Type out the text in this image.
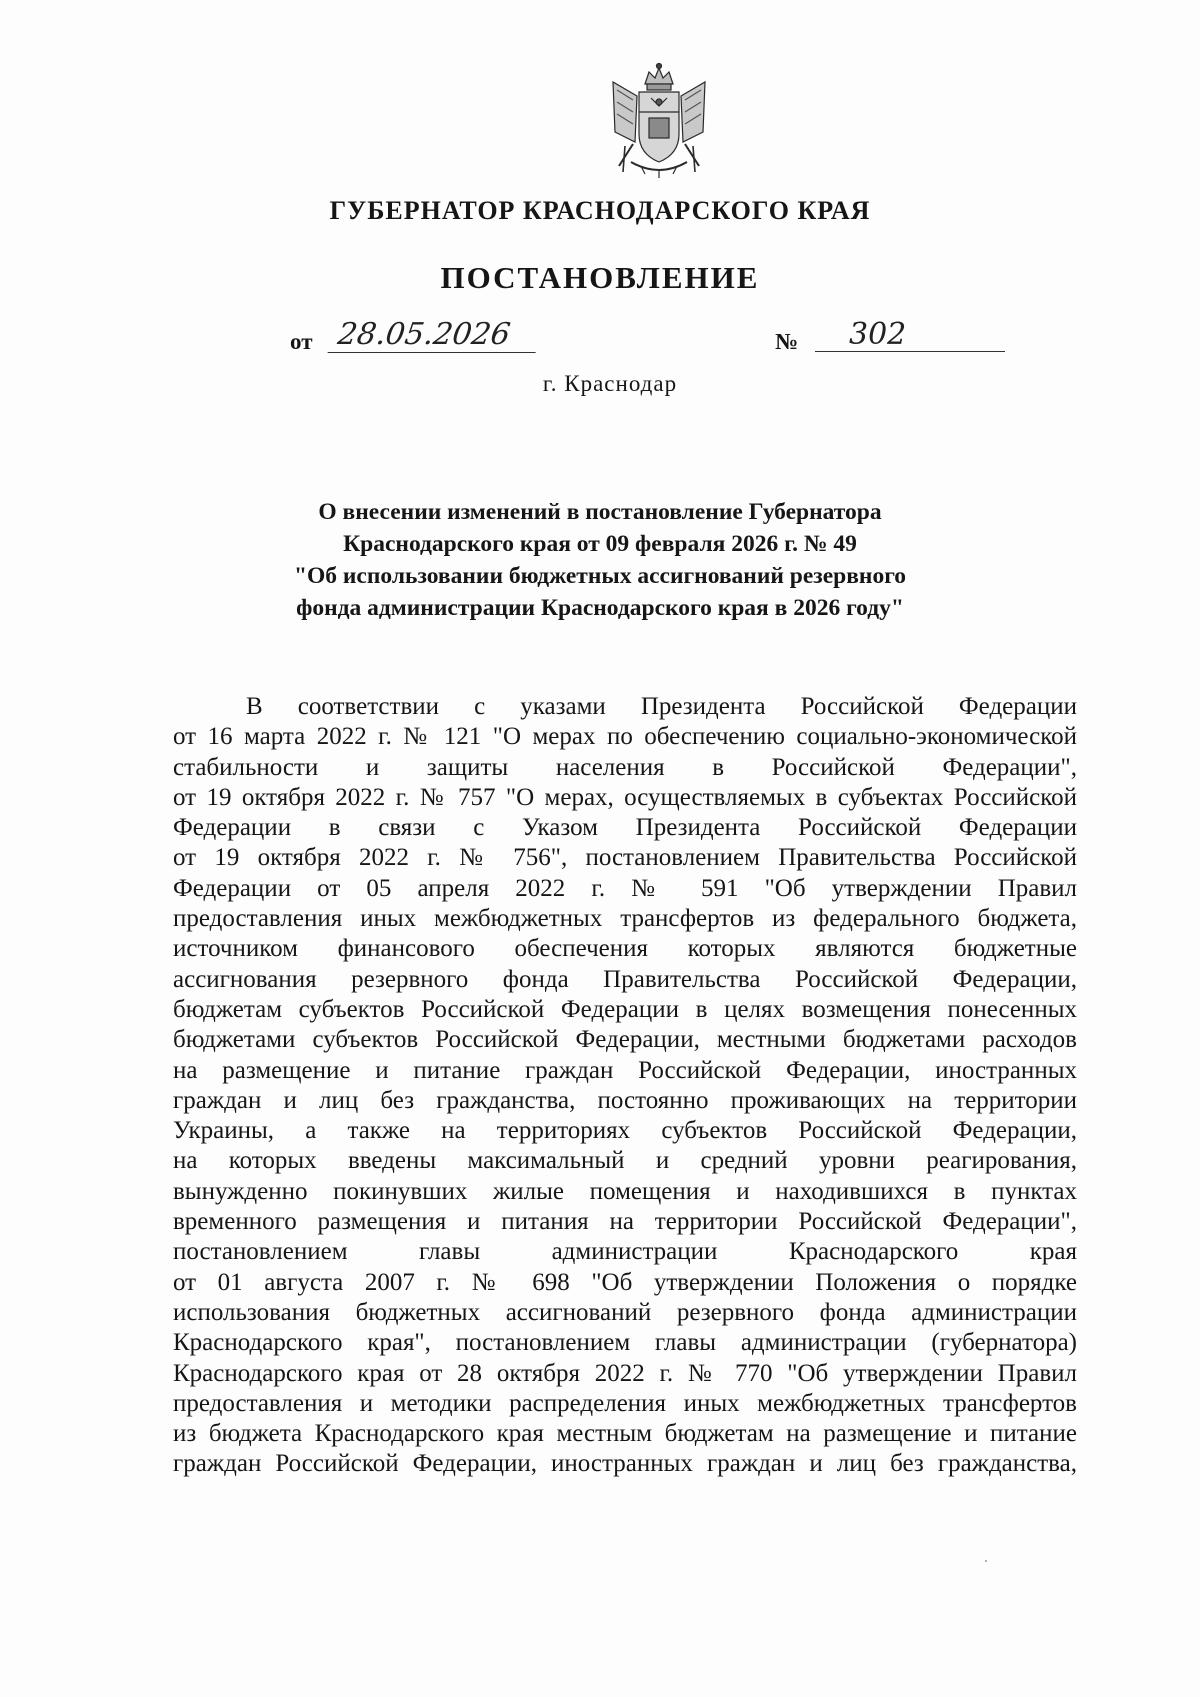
ГУБЕРНАТОР КРАСНОДАРСКОГО КРАЯ
ПОСТАНОВЛЕНИЕ
от 28.05.2026	№	302
г. Краснодар
О внесении изменений в постановление Губернатора
Краснодарского края от 09 февраля 2026 г. № 49
"Об использовании бюджетных ассигнований резервного
фонда администрации Краснодарского края в 2026 году"
В соответствии с указами Президента Российской Федерации
от 16 марта 2022 г. № 121 "О мерах по обеспечению социально-экономической
стабильности и защиты населения в Российской Федерации",
от 19 октября 2022 г. № 757 "О мерах, осуществляемых в субъектах Российской
Федерации в связи с Указом Президента Российской Федерации
от 19 октября 2022 г. № 756", постановлением Правительства Российской
Федерации от 05 апреля 2022 г. № 591 "Об утверждении Правил
предоставления иных межбюджетных трансфертов из федерального бюджета,
источником финансового обеспечения которых являются бюджетные
ассигнования резервного фонда Правительства Российской Федерации,
бюджетам субъектов Российской Федерации в целях возмещения понесенных
бюджетами субъектов Российской Федерации, местными бюджетами расходов
на размещение и питание граждан Российской Федерации, иностранных
граждан и лиц без гражданства, постоянно проживающих на территории
Украины, а также на территориях субъектов Российской Федерации,
на которых введены максимальный и средний уровни реагирования,
вынужденно покинувших жилые помещения и находившихся в пунктах
временного размещения и питания на территории Российской Федерации",
постановлением главы администрации Краснодарского края
от 01 августа 2007 г. № 698 "Об утверждении Положения о порядке
использования бюджетных ассигнований резервного фонда администрации
Краснодарского края", постановлением главы администрации (губернатора)
Краснодарского края от 28 октября 2022 г. № 770 "Об утверждении Правил
предоставления и методики распределения иных межбюджетных трансфертов
из бюджета Краснодарского края местным бюджетам на размещение и питание
граждан Российской Федерации, иностранных граждан и лиц без гражданства,
